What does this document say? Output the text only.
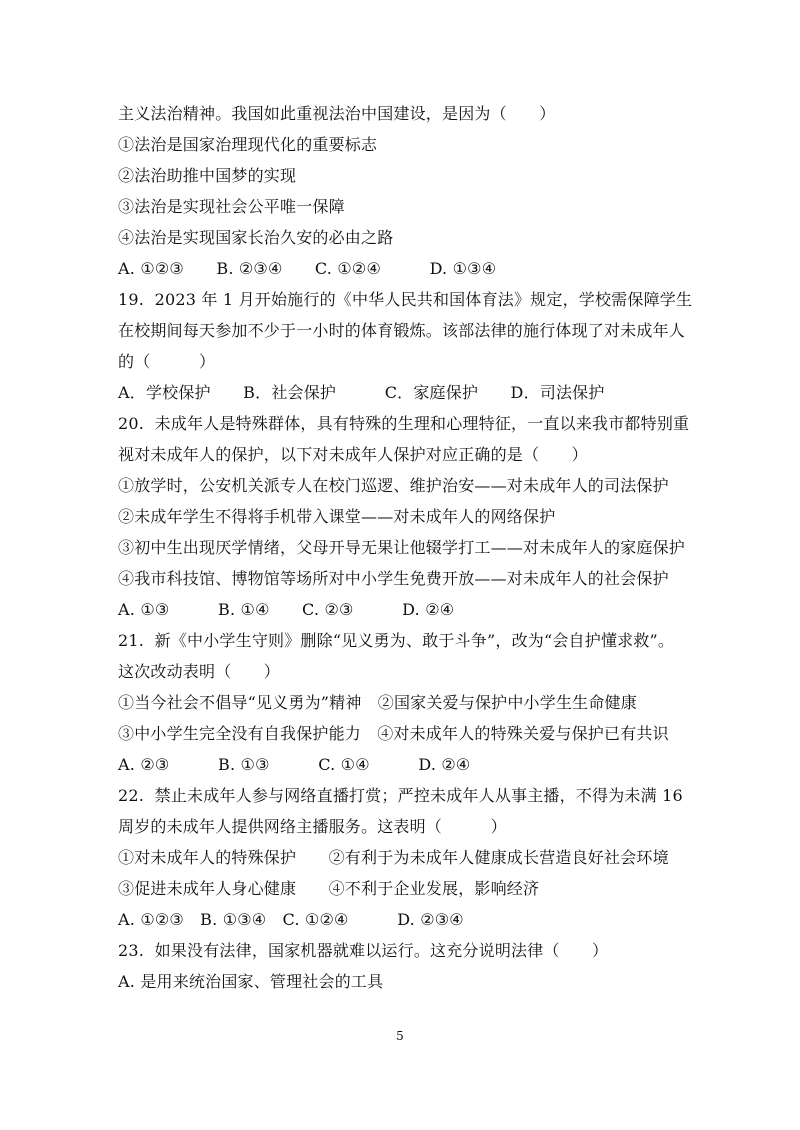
主义法治精神。我国如此重视法治中国建设，是因为（　　）
①法治是国家治理现代化的重要标志
②法治助推中国梦的实现
③法治是实现社会公平唯一保障
④法治是实现国家长治久安的必由之路
A. ①②③　　B. ②③④　　C. ①②④　　　D. ①③④
19.  2023 年 1 月开始施行的《中华人民共和国体育法》规定，学校需保障学生
在校期间每天参加不少于一小时的体育锻炼。该部法律的施行体现了对未成年人
的（　　　）
A．学校保护　　B．社会保护　　　C．家庭保护　　D．司法保护
20.  未成年人是特殊群体，具有特殊的生理和心理特征，一直以来我市都特别重
视对未成年人的保护，以下对未成年人保护对应正确的是（　　）
①放学时，公安机关派专人在校门巡逻、维护治安——对未成年人的司法保护
②未成年学生不得将手机带入课堂——对未成年人的网络保护
③初中生出现厌学情绪，父母开导无果让他辍学打工——对未成年人的家庭保护
④我市科技馆、博物馆等场所对中小学生免费开放——对未成年人的社会保护
A. ①③　　　B. ①④　　C. ②③　　　D. ②④
21.  新《中小学生守则》删除“见义勇为、敢于斗争”，改为“会自护懂求救”。
这次改动表明（　　）
①当今社会不倡导“见义勇为”精神　②国家关爱与保护中小学生生命健康
③中小学生完全没有自我保护能力　④对未成年人的特殊关爱与保护已有共识
A. ②③　　　B. ①③　　　C. ①④　　　D. ②④
22.  禁止未成年人参与网络直播打赏；严控未成年人从事主播，不得为未满 16
周岁的未成年人提供网络主播服务。这表明（　　　）
①对未成年人的特殊保护　　②有利于为未成年人健康成长营造良好社会环境
③促进未成年人身心健康　　④不利于企业发展，影响经济
A. ①②③　B. ①③④　C. ①②④　　　D. ②③④
23.  如果没有法律，国家机器就难以运行。这充分说明法律（　　）
A. 是用来统治国家、管理社会的工具
5
